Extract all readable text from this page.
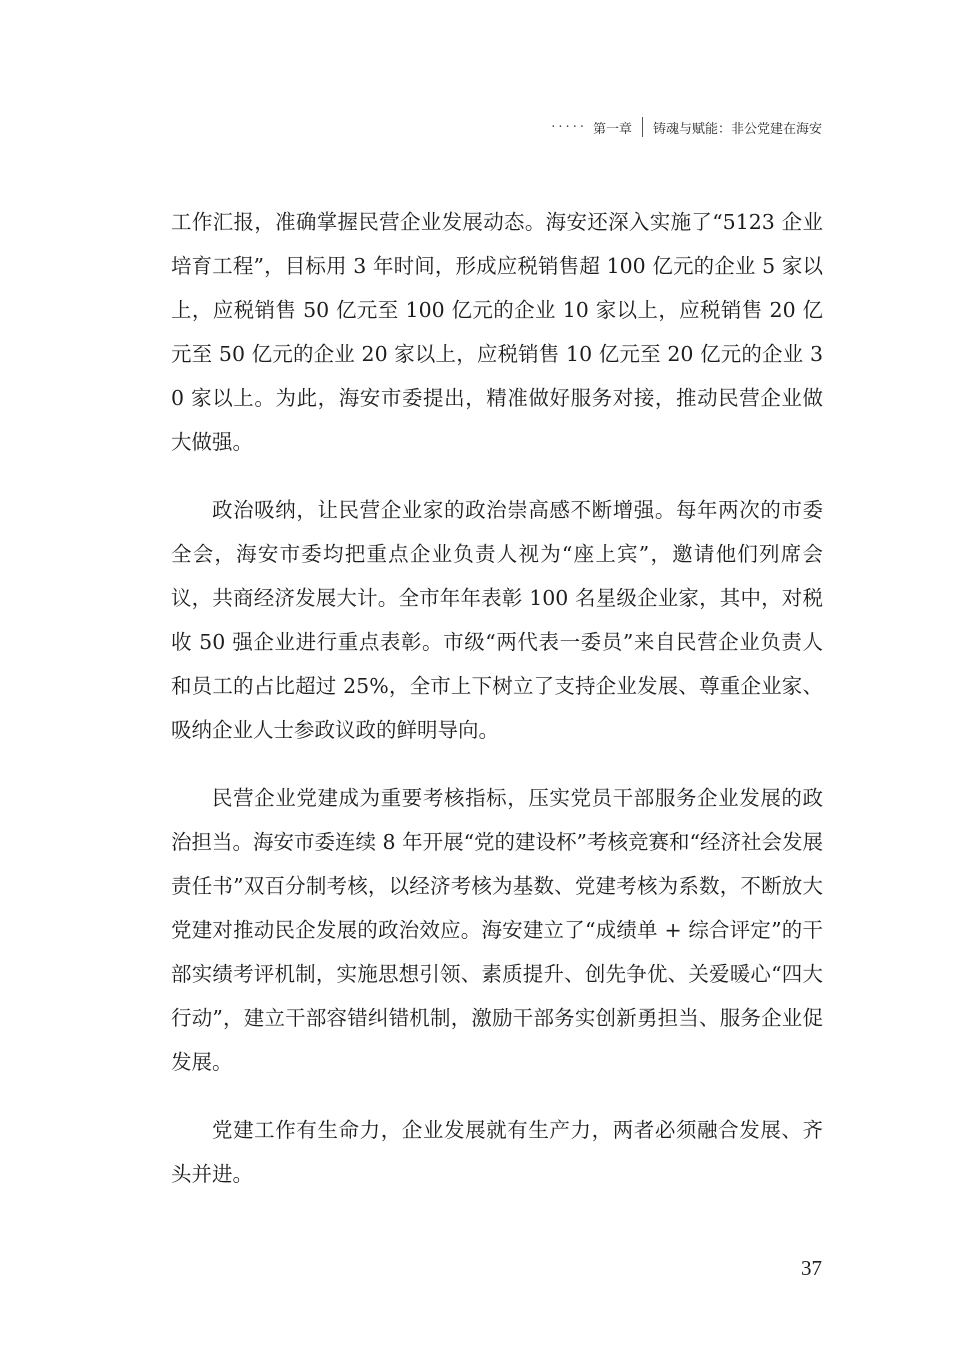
····· 第一章 铸魂与赋能：非公党建在海安

工作汇报，准确掌握民营企业发展动态。海安还深入实施了“5123 企业培育工程”，目标用 3 年时间，形成应税销售超 100 亿元的企业 5 家以上，应税销售 50 亿元至 100 亿元的企业 10 家以上，应税销售 20 亿元至 50 亿元的企业 20 家以上，应税销售 10 亿元至 20 亿元的企业 30 家以上。为此，海安市委提出，精准做好服务对接，推动民营企业做大做强。

政治吸纳，让民营企业家的政治崇高感不断增强。每年两次的市委全会，海安市委均把重点企业负责人视为“座上宾”，邀请他们列席会议，共商经济发展大计。全市年年表彰 100 名星级企业家，其中，对税收 50 强企业进行重点表彰。市级“两代表一委员”来自民营企业负责人和员工的占比超过 25%，全市上下树立了支持企业发展、尊重企业家、吸纳企业人士参政议政的鲜明导向。

民营企业党建成为重要考核指标，压实党员干部服务企业发展的政治担当。海安市委连续 8 年开展“党的建设杯”考核竞赛和“经济社会发展责任书”双百分制考核，以经济考核为基数、党建考核为系数，不断放大党建对推动民企发展的政治效应。海安建立了“成绩单 + 综合评定”的干部实绩考评机制，实施思想引领、素质提升、创先争优、关爱暖心“四大行动”，建立干部容错纠错机制，激励干部务实创新勇担当、服务企业促发展。

党建工作有生命力，企业发展就有生产力，两者必须融合发展、齐头并进。

37
